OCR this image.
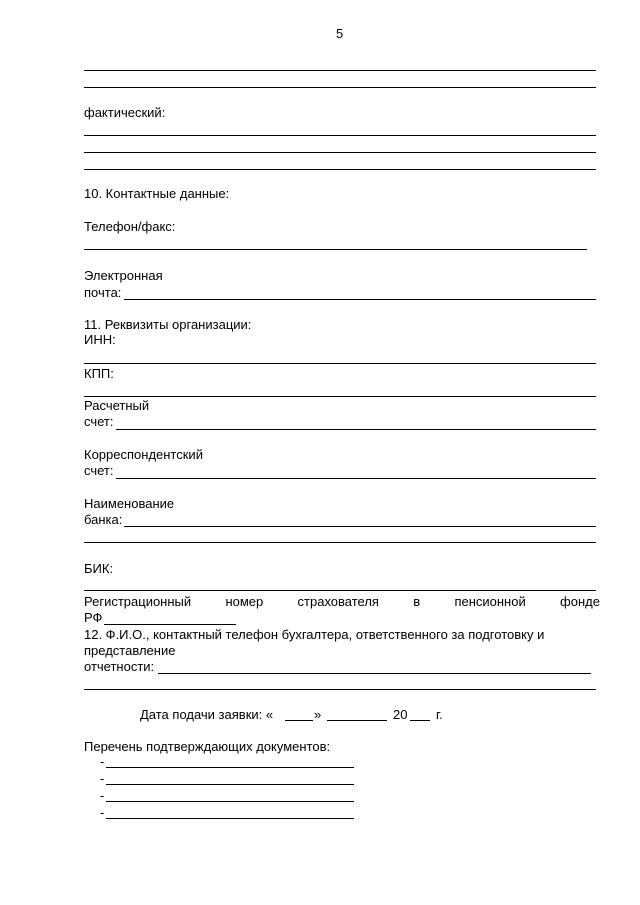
5
фактический:
10. Контактные данные:
Телефон/факс:
Электронная
почта:
11. Реквизиты организации:
ИНН:
КПП:
Расчетный
счет:
Корреспондентский
счет:
Наименование
банка:
БИК:
Регистрационный	номер	страхователя	в	пенсионной	фонде
РФ
12. Ф.И.О., контактный телефон бухгалтера, ответственного за подготовку и
представление
отчетности:
Дата подачи заявки: «	»	20 г.
Перечень подтверждающих документов:
-
-
-
-
